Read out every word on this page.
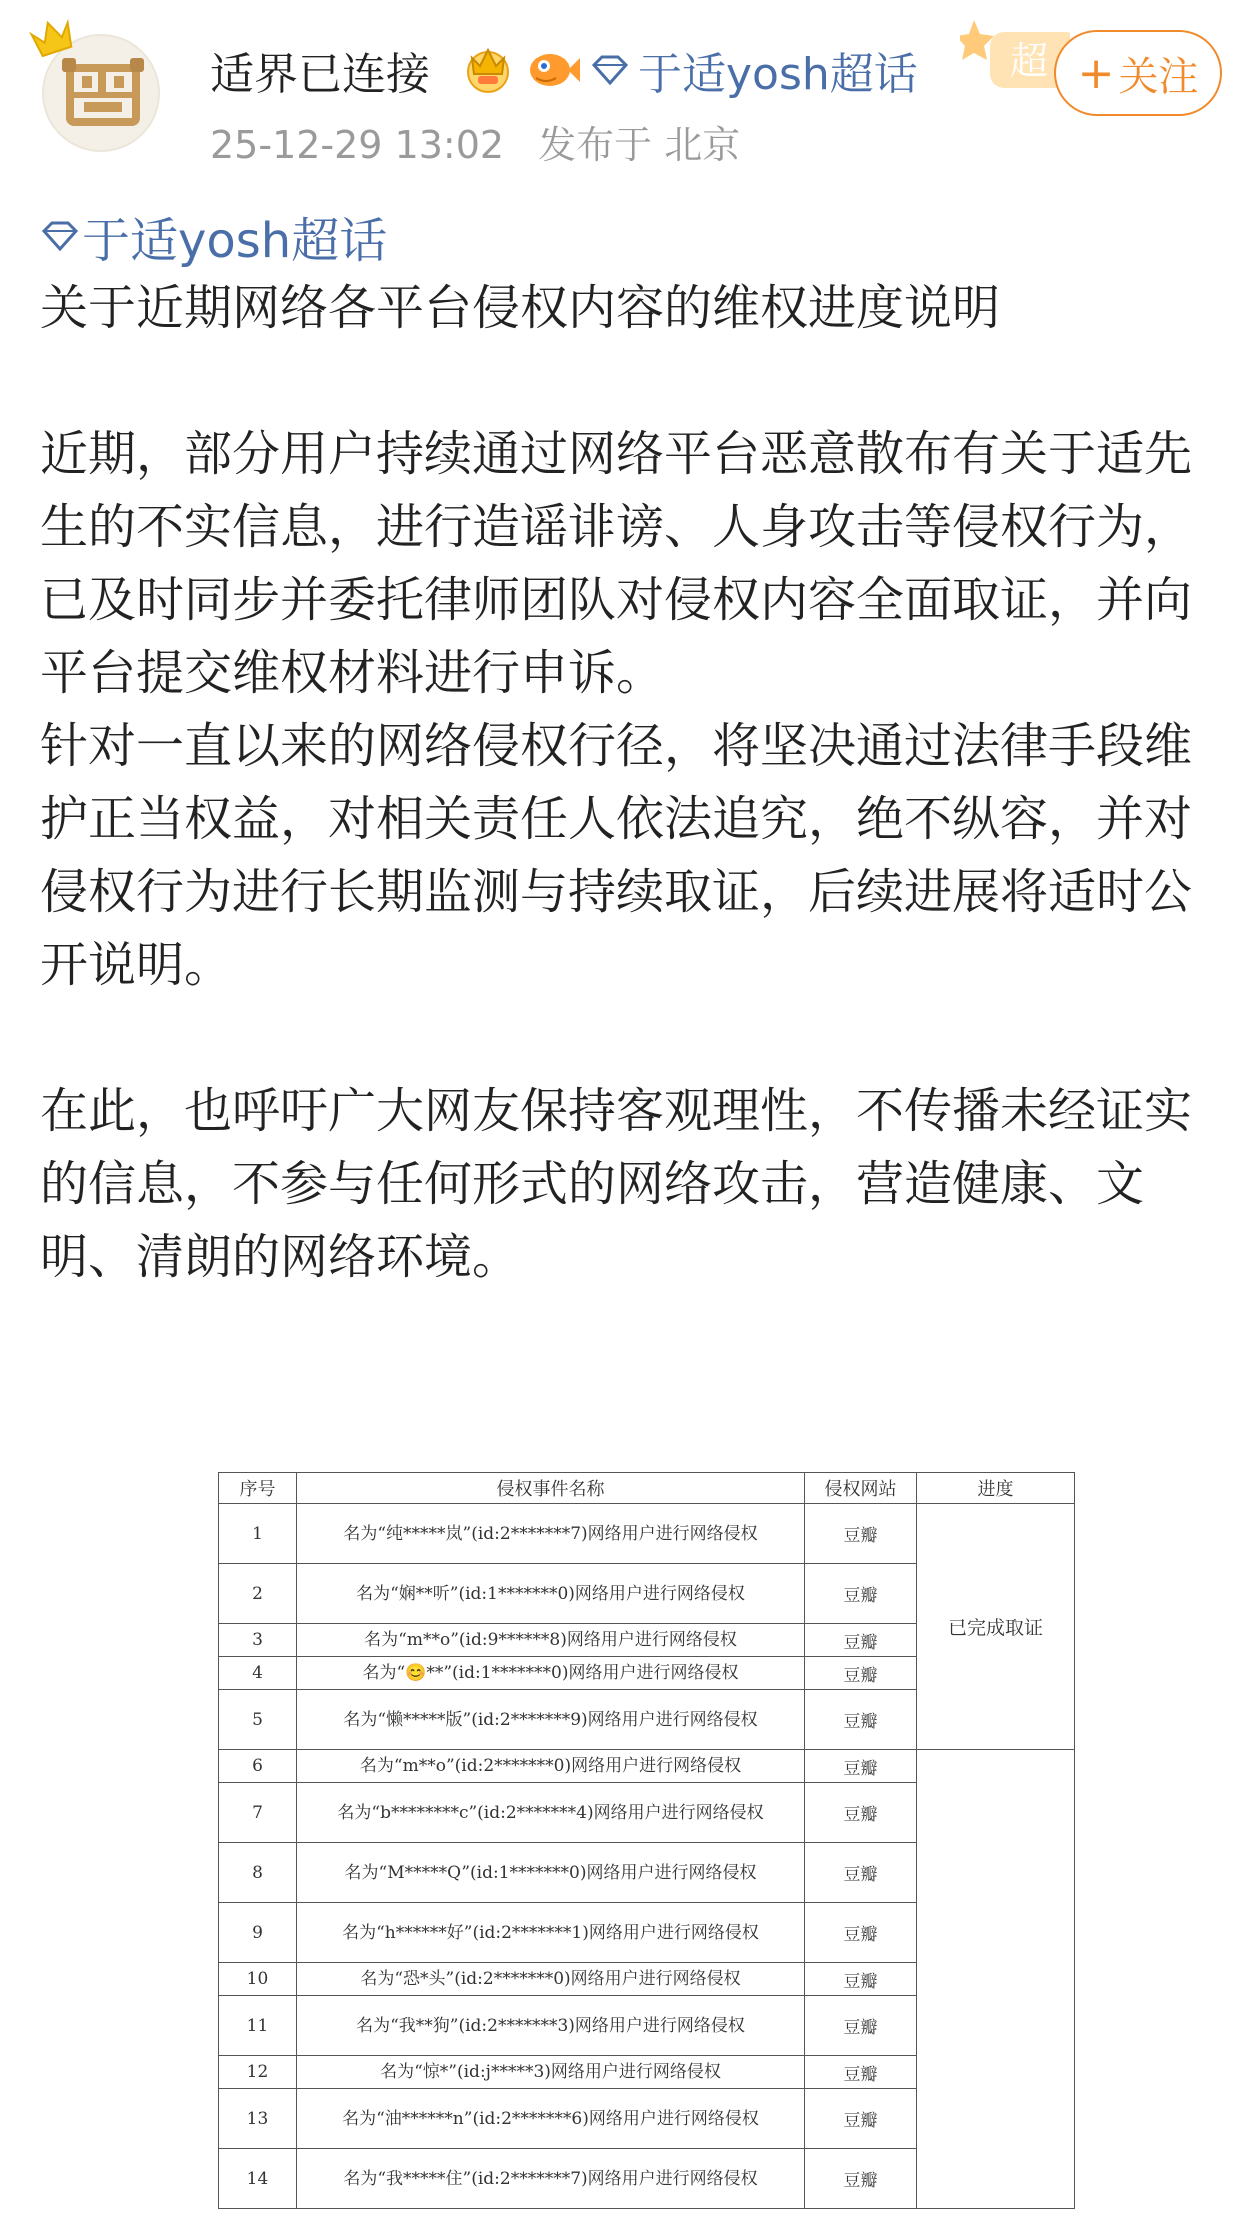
适界已连接	于适yosh超话 超 + 关注
25-12-29 13:02 发布于 北京
于适yosh超话

关于近期网络各平台侵权内容的维权进度说明

近期，部分用户持续通过网络平台恶意散布有关于适先生的不实信息，进行造谣诽谤、人身攻击等侵权行为，已及时同步并委托律师团队对侵权内容全面取证，并向平台提交维权材料进行申诉。

针对一直以来的网络侵权行径，将坚决通过法律手段维护正当权益，对相关责任人依法追究，绝不纵容，并对侵权行为进行长期监测与持续取证，后续进展将适时公开说明。

在此，也呼吁广大网友保持客观理性，不传播未经证实的信息，不参与任何形式的网络攻击，营造健康、文明、清朗的网络环境。

序号	侵权事件名称	侵权网站	进度
1	名为“纯*****岚”(id:2*******7)网络用户进行网络侵权	豆瓣	已完成取证
2	名为“娴**听”(id:1*******0)网络用户进行网络侵权	豆瓣	
3	名为“m**o”(id:9******8)网络用户进行网络侵权	豆瓣	
4	名为“😊**”(id:1*******0)网络用户进行网络侵权	豆瓣	
5	名为“懒*****版”(id:2*******9)网络用户进行网络侵权	豆瓣	
6	名为“m**o”(id:2*******0)网络用户进行网络侵权	豆瓣	
7	名为“b********c”(id:2*******4)网络用户进行网络侵权	豆瓣	
8	名为“M*****Q”(id:1*******0)网络用户进行网络侵权	豆瓣	
9	名为“h******好”(id:2*******1)网络用户进行网络侵权	豆瓣	
10	名为“恐*头”(id:2*******0)网络用户进行网络侵权	豆瓣	
11	名为“我**狗”(id:2*******3)网络用户进行网络侵权	豆瓣	
12	名为“惊*”(id:j*****3)网络用户进行网络侵权	豆瓣	
13	名为“油******n”(id:2*******6)网络用户进行网络侵权	豆瓣	
14	名为“我*****住”(id:2*******7)网络用户进行网络侵权	豆瓣	
